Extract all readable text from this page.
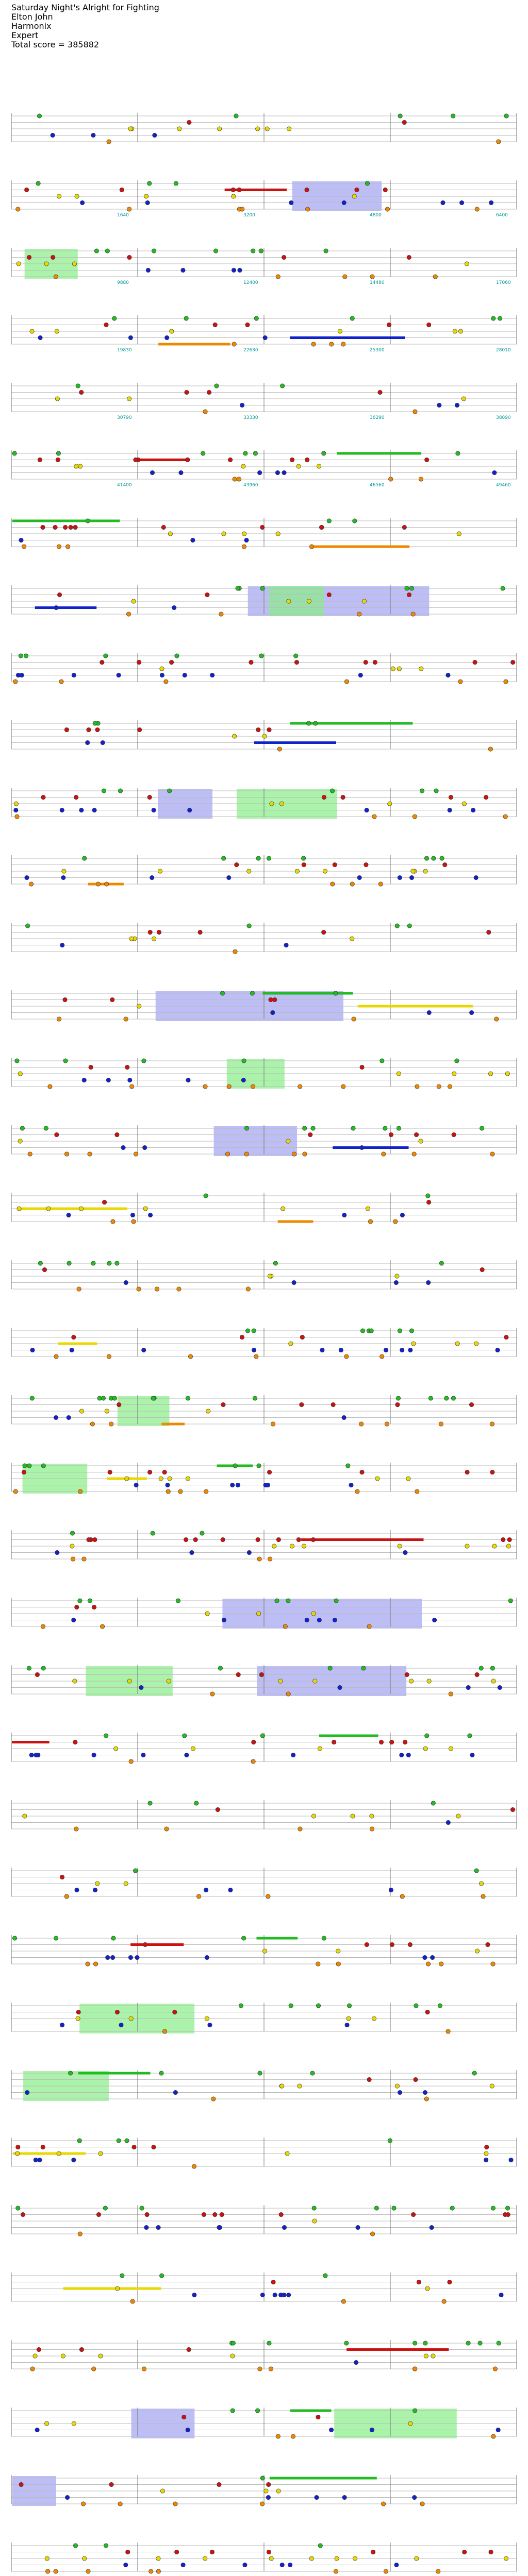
Saturday Night's Alright for Fighting
Elton John
Harmonix
Expert
Total score = 385882
1640	3200	4800	6400
9880	12400	14480	17060
19830	22630	25300	28010
30790	33330	36290	38890
41400	43960	46560	49460
